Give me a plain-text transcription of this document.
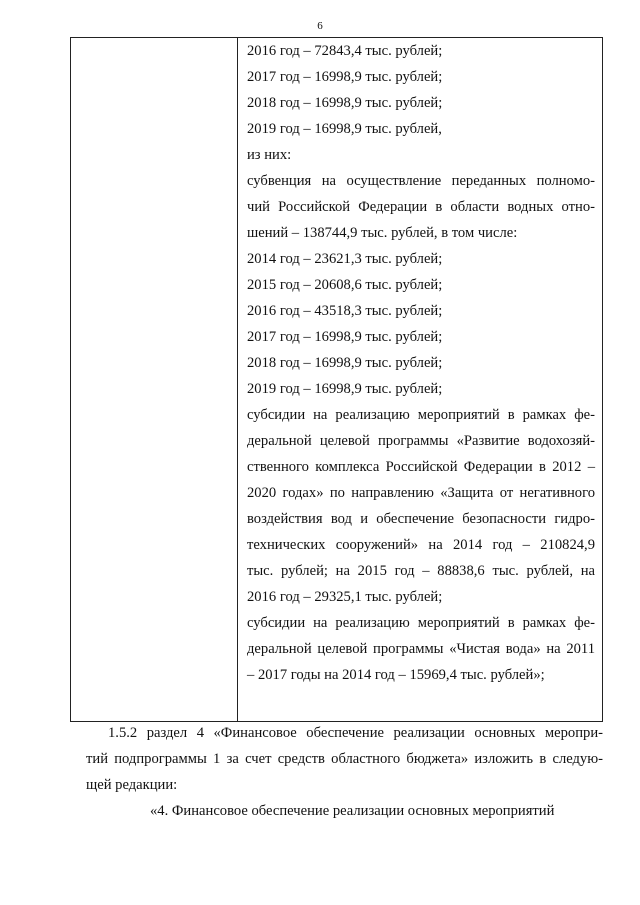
6
2016 год – 72843,4 тыс. рублей;
2017 год – 16998,9 тыс. рублей;
2018 год – 16998,9 тыс. рублей;
2019 год – 16998,9 тыс. рублей,
из них:
субвенция на осуществление переданных полномо-
чий Российской Федерации в области водных отно-
шений – 138744,9 тыс. рублей, в том числе:
2014 год – 23621,3 тыс. рублей;
2015 год – 20608,6 тыс. рублей;
2016 год – 43518,3 тыс. рублей;
2017 год – 16998,9 тыс. рублей;
2018 год – 16998,9 тыс. рублей;
2019 год – 16998,9 тыс. рублей;
субсидии на реализацию мероприятий в рамках фе-
деральной целевой программы «Развитие водохозяй-
ственного комплекса Российской Федерации в 2012 –
2020 годах» по направлению «Защита от негативного
воздействия вод и обеспечение безопасности гидро-
технических сооружений» на 2014 год – 210824,9
тыс. рублей; на 2015 год – 88838,6 тыс. рублей, на
2016 год – 29325,1 тыс. рублей;
субсидии на реализацию мероприятий в рамках фе-
деральной целевой программы «Чистая вода» на 2011
– 2017 годы на 2014 год – 15969,4 тыс. рублей»;
1.5.2 раздел 4 «Финансовое обеспечение реализации основных меропри-
тий подпрограммы 1 за счет средств областного бюджета» изложить в следую-
щей редакции:
«4. Финансовое обеспечение реализации основных мероприятий
